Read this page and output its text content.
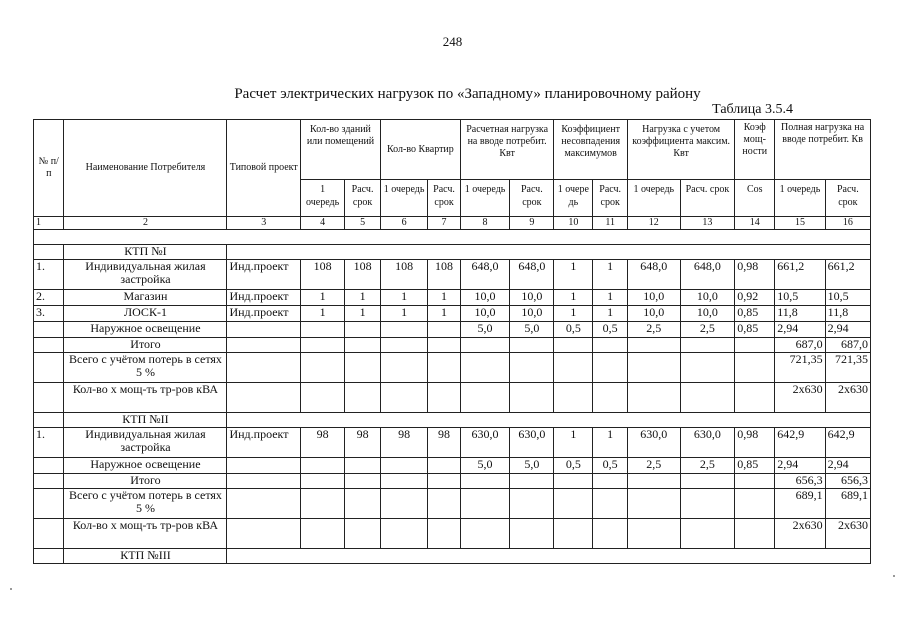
248
Расчет электрических нагрузок по «Западному» планировочному району
Таблица 3.5.4
№ п/п	Наименование Потребителя	Типовой проект	Кол-во зданий или помещений		Кол-во Квартир		Расчетная нагрузка на вводе потребит. Квт		Коэффициент несовпадения максимумов		Нагрузка с учетом коэффициента максим. Квт		Коэф мощ- ности	Полная нагрузка на вводе потребит. Кв	
			1 очередь	Расч. срок	1 очередь	Расч. срок	1 очередь	Расч. срок	1 очере дь	Расч. срок	1 очередь	Расч. срок	Cos	1 очередь	Расч. срок
1	2	3	4	5	6	7	8	9	10	11	12	13	14	15	16

	КТП №I														
1.	Индивидуальная жилая застройка	Инд.проект	108	108	108	108	648,0	648,0	1	1	648,0	648,0	0,98	661,2	661,2
2.	Магазин	Инд.проект	1	1	1	1	10,0	10,0	1	1	10,0	10,0	0,92	10,5	10,5
3.	ЛОСК-1	Инд.проект	1	1	1	1	10,0	10,0	1	1	10,0	10,0	0,85	11,8	11,8
	Наружное освещение						5,0	5,0	0,5	0,5	2,5	2,5	0,85	2,94	2,94
	Итого													687,0	687,0
	Всего с учётом потерь в сетях 5 %													721,35	721,35
	Кол-во х мощ-ть тр-ров кВА													2х630	2х630
	КТП №II														
1.	Индивидуальная жилая застройка	Инд.проект	98	98	98	98	630,0	630,0	1	1	630,0	630,0	0,98	642,9	642,9
	Наружное освещение						5,0	5,0	0,5	0,5	2,5	2,5	0,85	2,94	2,94
	Итого													656,3	656,3
	Всего с учётом потерь в сетях 5 %													689,1	689,1
	Кол-во х мощ-ть тр-ров кВА													2х630	2х630
	КТП №III														
